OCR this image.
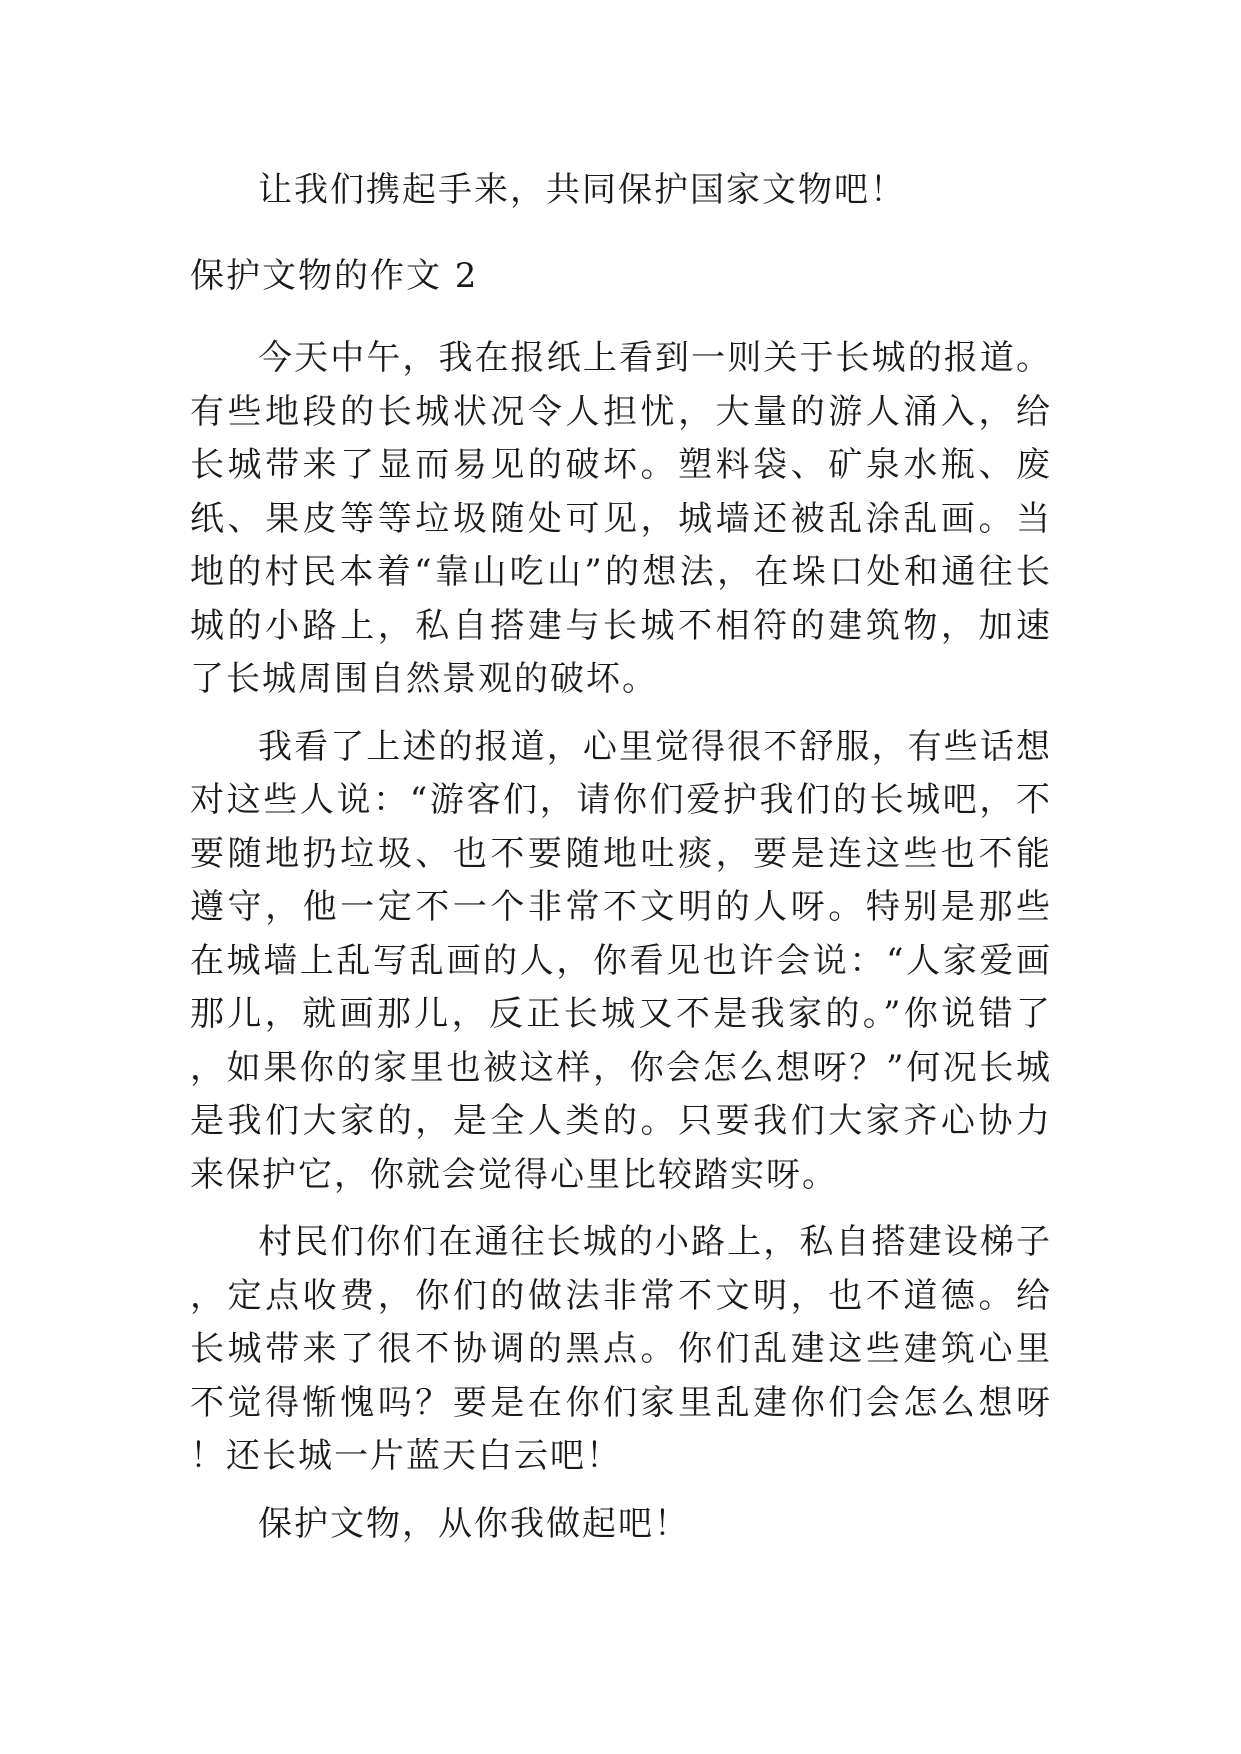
让我们携起手来，共同保护国家文物吧！

保护文物的作文 2

今天中午，我在报纸上看到一则关于长城的报道。有些地段的长城状况令人担忧，大量的游人涌入，给长城带来了显而易见的破坏。塑料袋、矿泉水瓶、废纸、果皮等等垃圾随处可见，城墙还被乱涂乱画。当地的村民本着“靠山吃山”的想法，在垛口处和通往长城的小路上，私自搭建与长城不相符的建筑物，加速了长城周围自然景观的破坏。

我看了上述的报道，心里觉得很不舒服，有些话想对这些人说：“游客们，请你们爱护我们的长城吧，不要随地扔垃圾、也不要随地吐痰，要是连这些也不能遵守，他一定不一个非常不文明的人呀。特别是那些在城墙上乱写乱画的人，你看见也许会说：“人家爱画那儿，就画那儿，反正长城又不是我家的。”你说错了，如果你的家里也被这样，你会怎么想呀？”何况长城是我们大家的，是全人类的。只要我们大家齐心协力来保护它，你就会觉得心里比较踏实呀。

村民们你们在通往长城的小路上，私自搭建设梯子，定点收费，你们的做法非常不文明，也不道德。给长城带来了很不协调的黑点。你们乱建这些建筑心里不觉得惭愧吗？要是在你们家里乱建你们会怎么想呀！还长城一片蓝天白云吧！

保护文物，从你我做起吧！
